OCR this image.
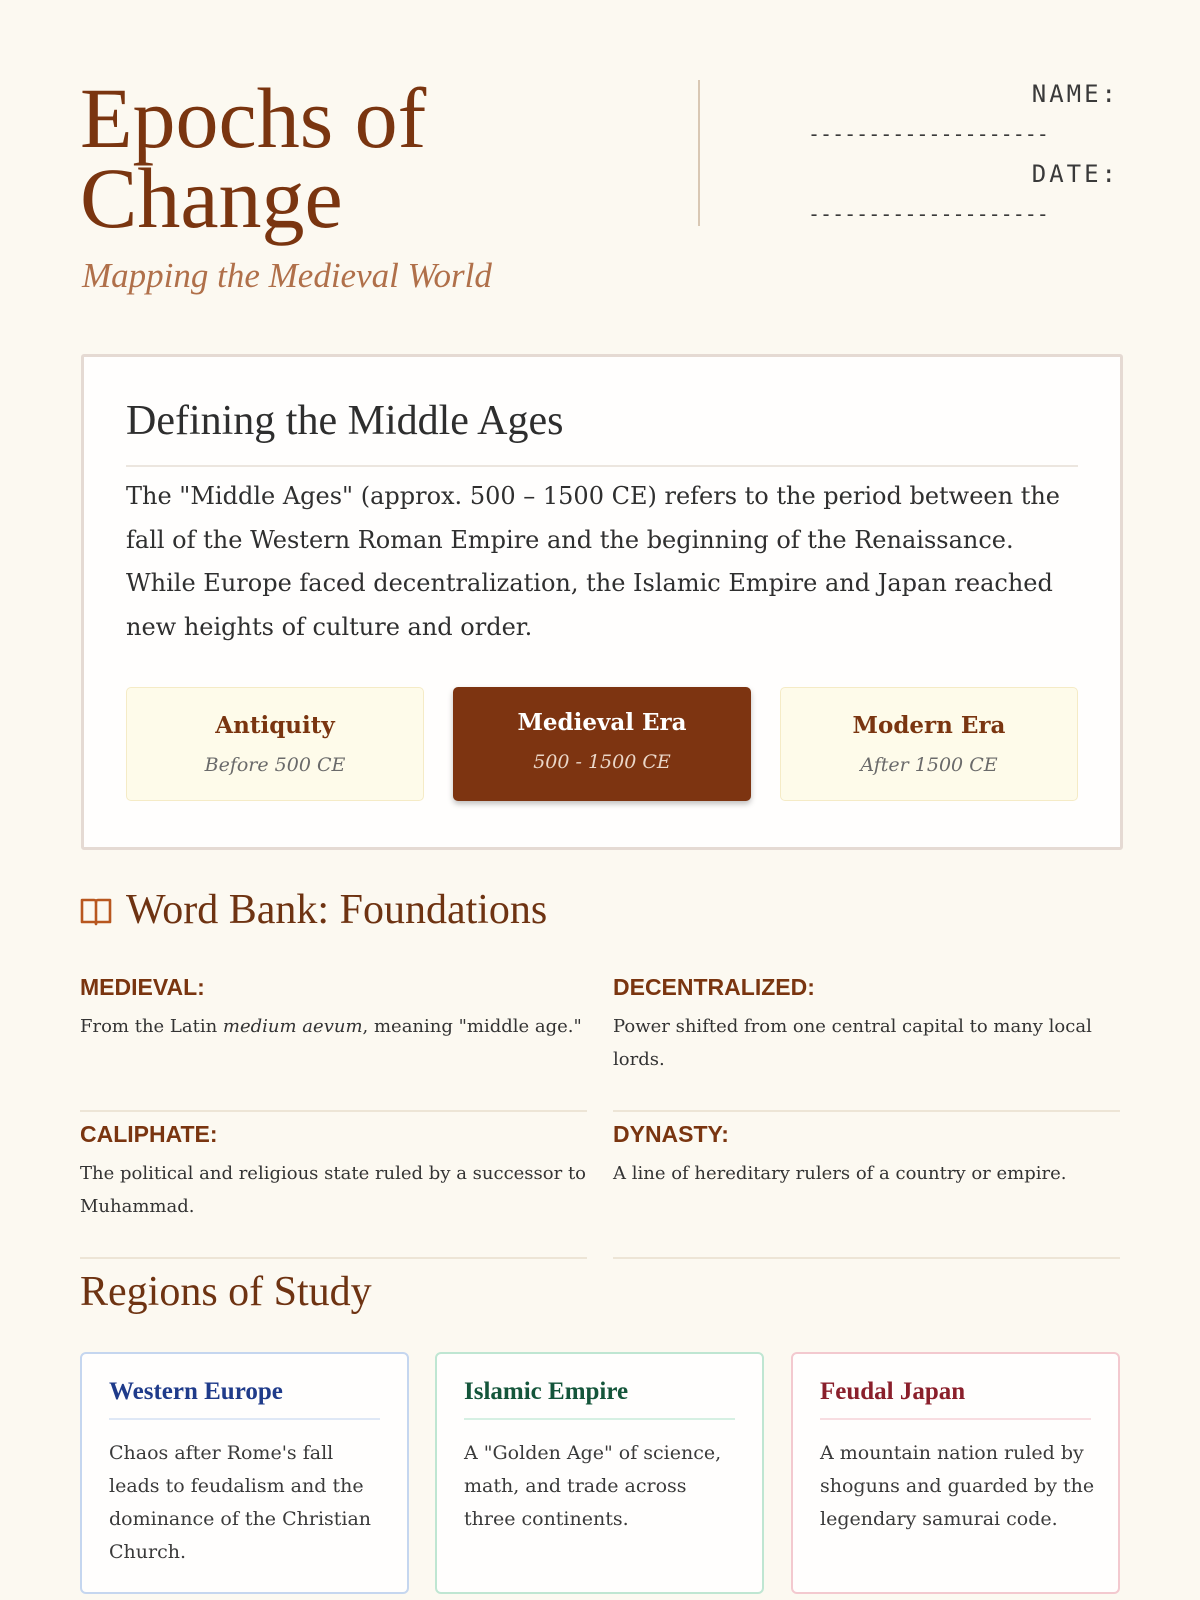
Epochs of
Change
Mapping the Medieval World
NAME:
--------------------
DATE:
--------------------
Defining the Middle Ages

The "Middle Ages" (approx. 500 – 1500 CE) refers to the period between the fall of the Western Roman Empire and the beginning of the Renaissance. While Europe faced decentralization, the Islamic Empire and Japan reached new heights of culture and order.

Antiquity
Before 500 CE
Medieval Era
500 - 1500 CE
Modern Era
After 1500 CE
Word Bank: Foundations
MEDIEVAL:
From the Latin medium aevum, meaning "middle age."
DECENTRALIZED:
Power shifted from one central capital to many local lords.
CALIPHATE:
The political and religious state ruled by a successor to Muhammad.
DYNASTY:
A line of hereditary rulers of a country or empire.
Regions of Study
Western Europe

Chaos after Rome's fall leads to feudalism and the dominance of the Christian Church.

Islamic Empire

A "Golden Age" of science, math, and trade across three continents.

Feudal Japan

A mountain nation ruled by shoguns and guarded by the legendary samurai code.
